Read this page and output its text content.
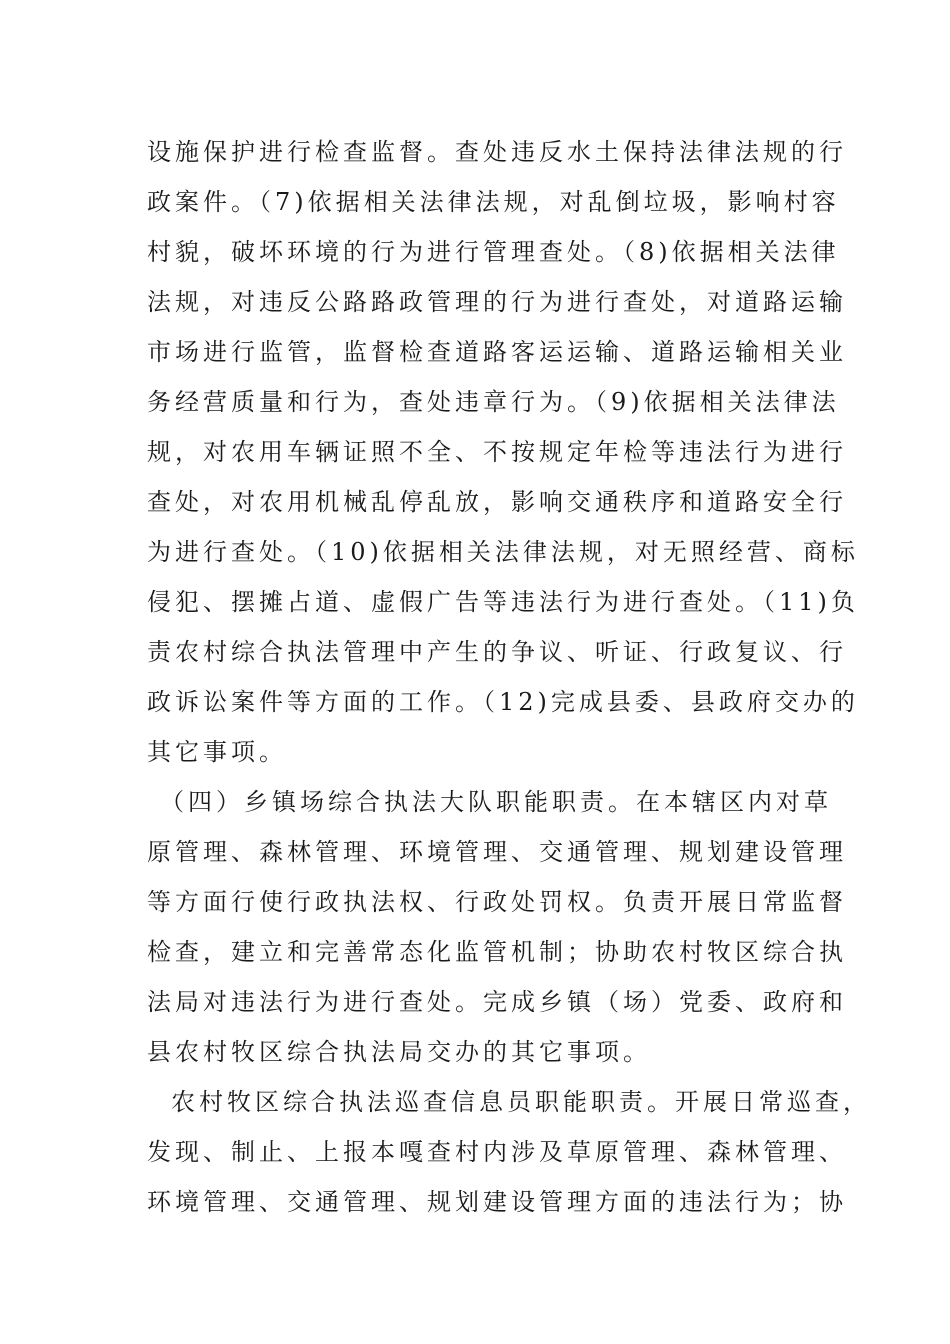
设施保护进行检查监督。查处违反水土保持法律法规的行
政案件。（7)依据相关法律法规，对乱倒垃圾，影响村容
村貌，破坏环境的行为进行管理查处。（8)依据相关法律
法规，对违反公路路政管理的行为进行查处，对道路运输
市场进行监管，监督检查道路客运运输、道路运输相关业
务经营质量和行为，查处违章行为。（9)依据相关法律法
规，对农用车辆证照不全、不按规定年检等违法行为进行
查处，对农用机械乱停乱放，影响交通秩序和道路安全行
为进行查处。（10)依据相关法律法规，对无照经营、商标
侵犯、摆摊占道、虚假广告等违法行为进行查处。（11)负
责农村综合执法管理中产生的争议、听证、行政复议、行
政诉讼案件等方面的工作。（12)完成县委、县政府交办的
其它事项。
（四）乡镇场综合执法大队职能职责。在本辖区内对草
原管理、森林管理、环境管理、交通管理、规划建设管理
等方面行使行政执法权、行政处罚权。负责开展日常监督
检查，建立和完善常态化监管机制；协助农村牧区综合执
法局对违法行为进行查处。完成乡镇（场）党委、政府和
县农村牧区综合执法局交办的其它事项。
农村牧区综合执法巡查信息员职能职责。开展日常巡查，
发现、制止、上报本嘎查村内涉及草原管理、森林管理、
环境管理、交通管理、规划建设管理方面的违法行为；协
